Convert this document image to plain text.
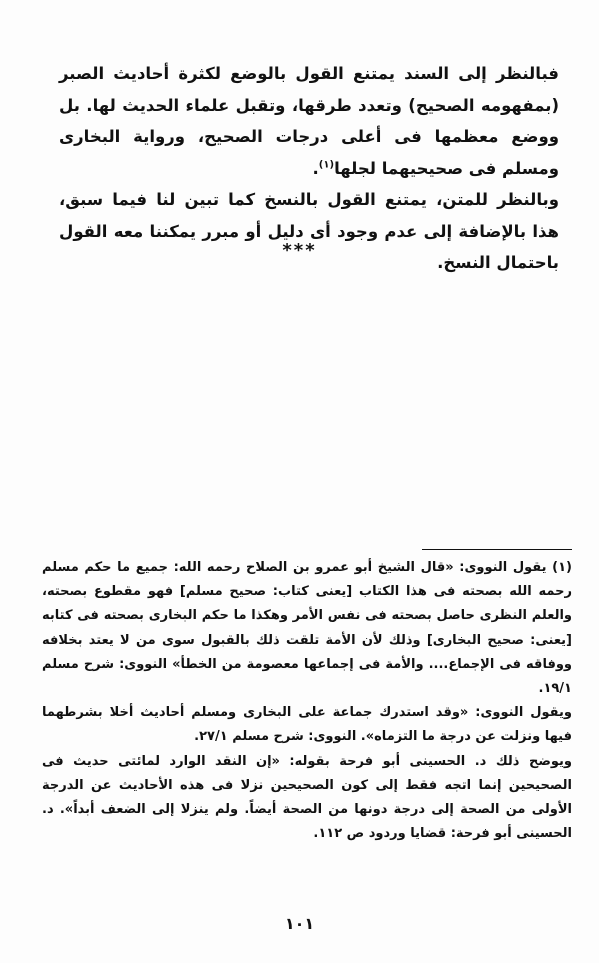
فبالنظر إلى السند يمتنع القول بالوضع لكثرة أحاديث الصبر (بمفهومه الصحيح) وتعدد طرقها، وتقبل علماء الحديث لها. بل ووضع معظمها فى أعلى درجات الصحيح، ورواية البخارى ومسلم فى صحيحيهما لجلها$^{(١)}$.

وبالنظر للمتن، يمتنع القول بالنسخ كما تبين لنا فيما سبق، هذا بالإضافة إلى عدم وجود أى دليل أو مبرر يمكننا معه القول باحتمال النسخ.

***

(١) يقول النووى: «قال الشيخ أبو عمرو بن الصلاح رحمه الله: جميع ما حكم مسلم رحمه الله بصحته فى هذا الكتاب [يعنى كتاب: صحيح مسلم] فهو مقطوع بصحته، والعلم النظرى حاصل بصحته فى نفس الأمر وهكذا ما حكم البخارى بصحته فى كتابه [يعنى: صحيح البخارى] وذلك لأن الأمة تلقت ذلك بالقبول سوى من لا يعتد بخلافه ووفاقه فى الإجماع.... والأمة فى إجماعها معصومة من الخطأ» النووى: شرح مسلم ١٩/١.

ويقول النووى: «وقد استدرك جماعة على البخارى ومسلم أحاديث أخلا بشرطهما فيها ونزلت عن درجة ما التزماه». النووى: شرح مسلم ٢٧/١.

ويوضح ذلك د. الحسينى أبو فرحة بقوله: «إن النقد الوارد لمائتى حديث فى الصحيحين إنما اتجه فقط إلى كون الصحيحين نزلا فى هذه الأحاديث عن الدرجة الأولى من الصحة إلى درجة دونها من الصحة أيضاً. ولم ينزلا إلى الضعف أبداً». د. الحسينى أبو فرحة: قضايا وردود ص ١١٢.

١٠١
